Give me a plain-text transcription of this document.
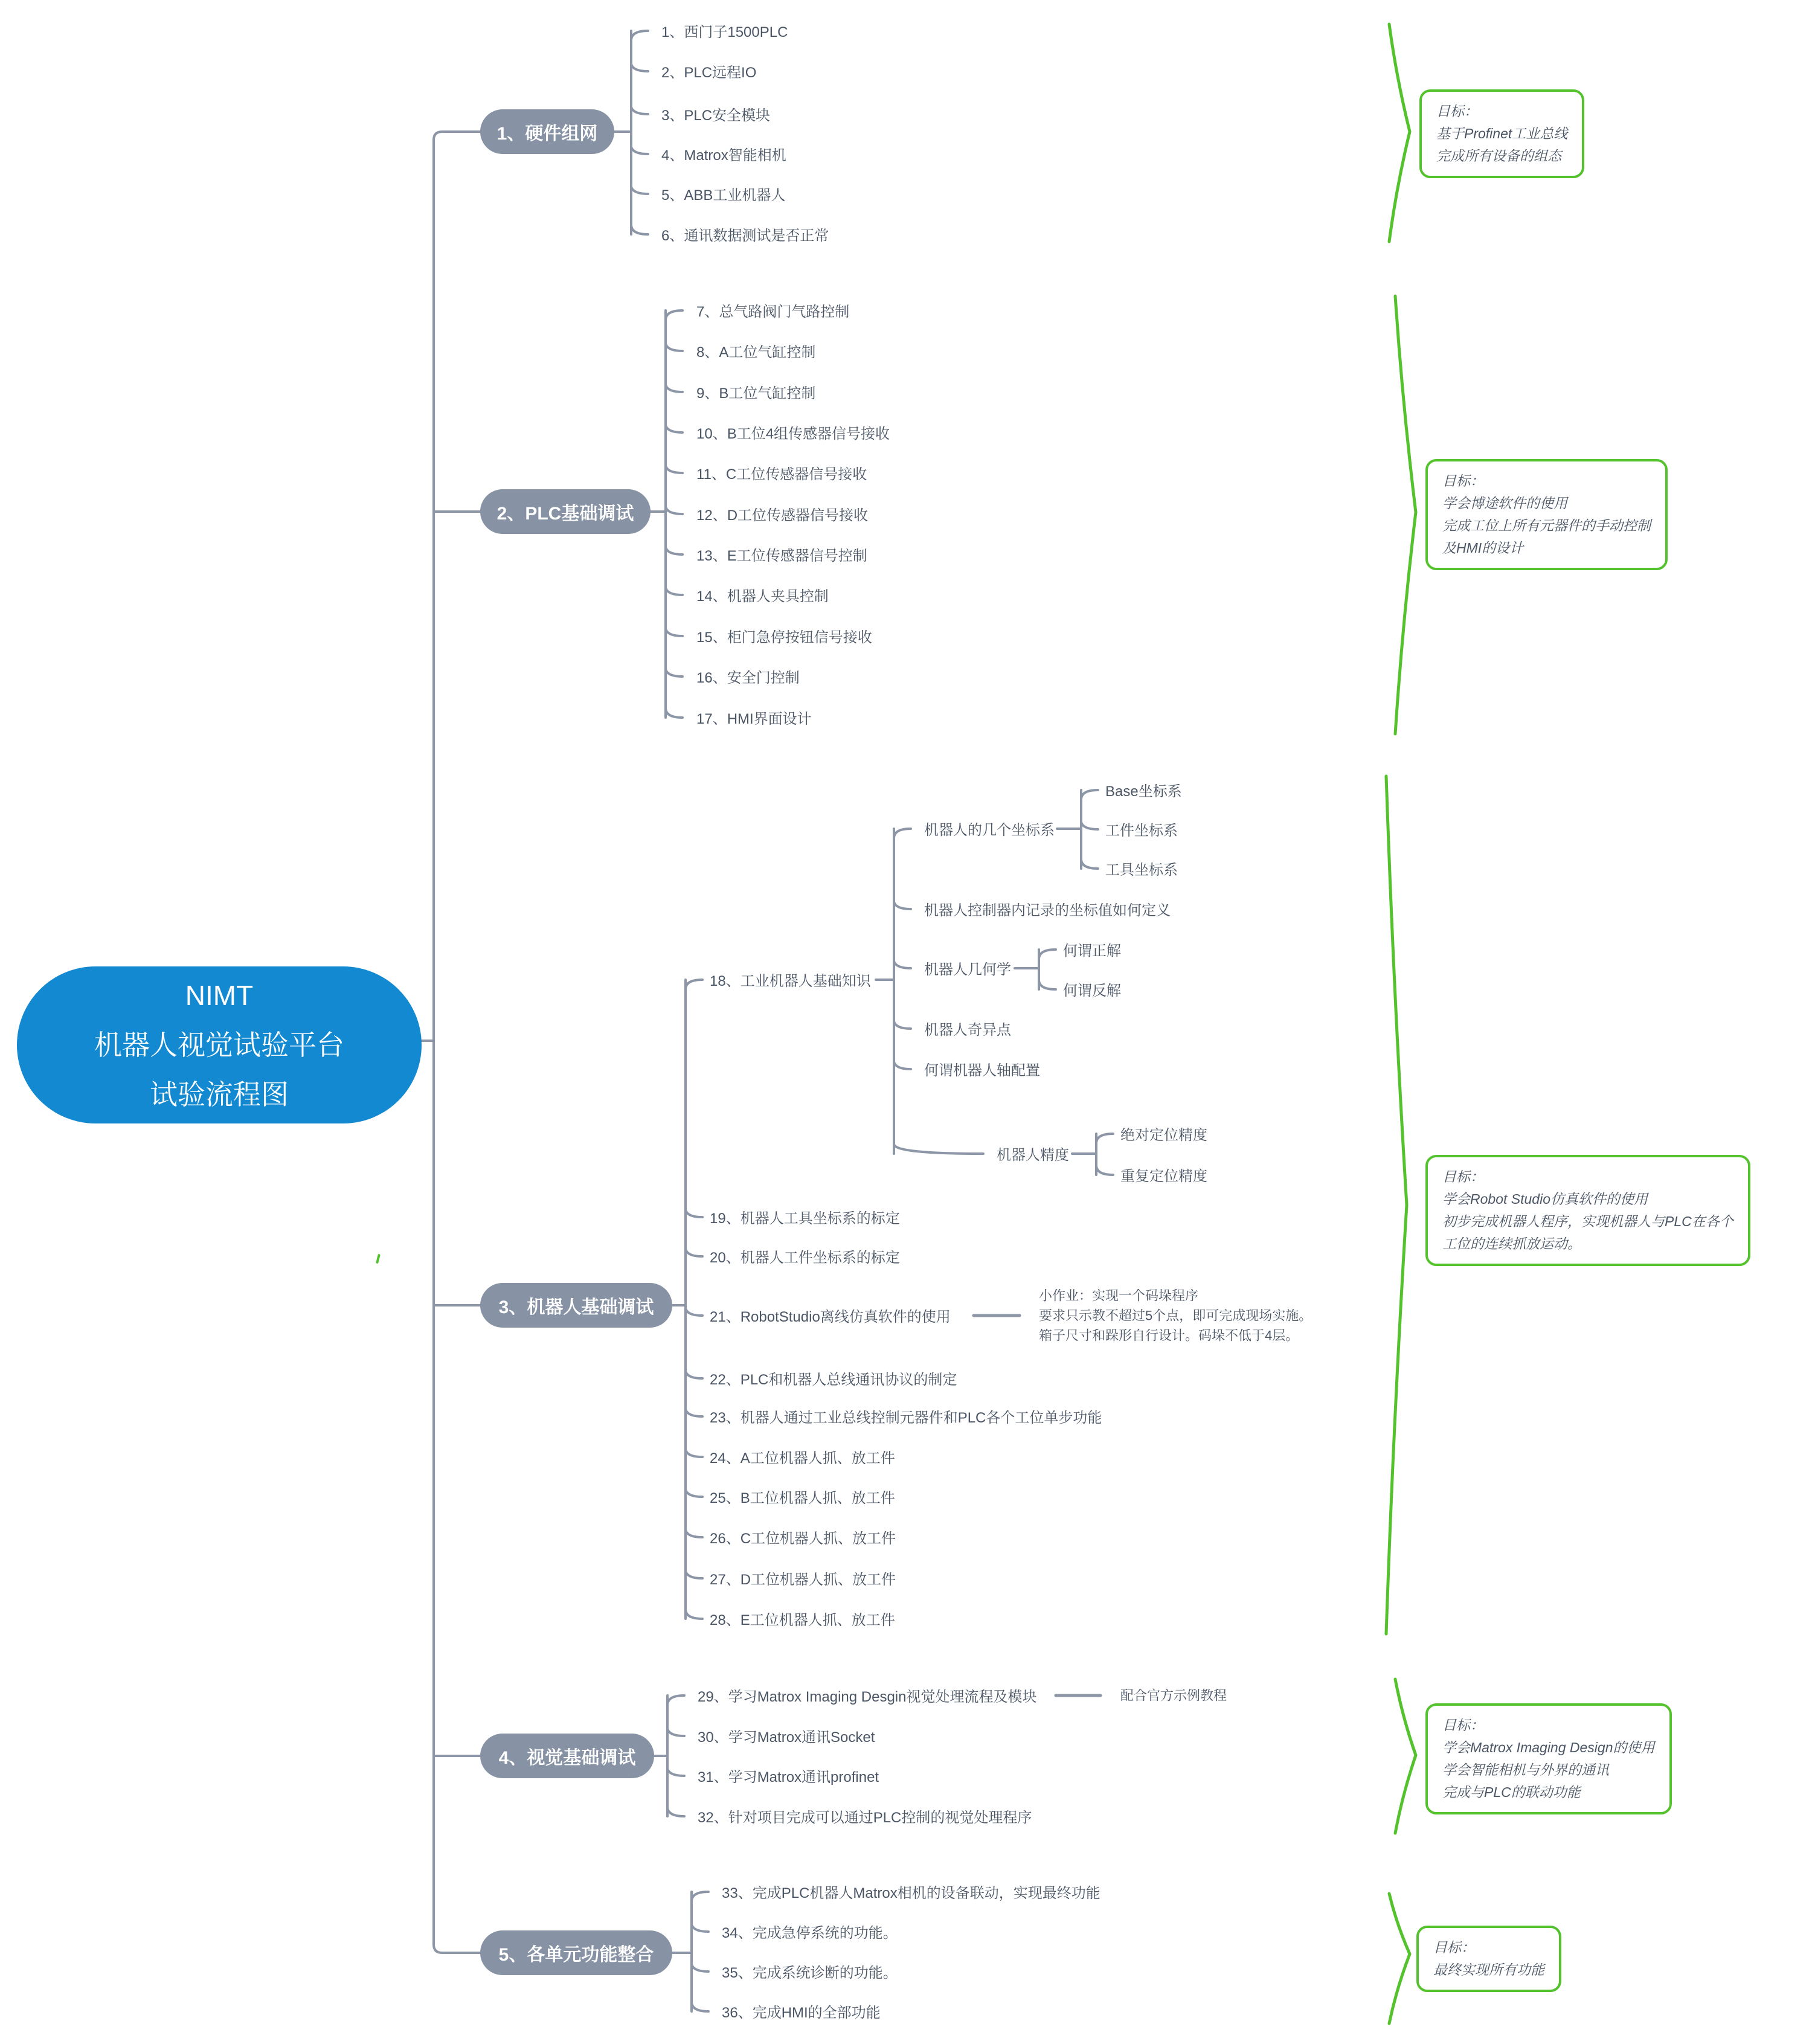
NIMT
机器人视觉试验平台
试验流程图
1、硬件组网
2、PLC基础调试
3、机器人基础调试
4、视觉基础调试
5、各单元功能整合
1、西门子1500PLC
2、PLC远程IO
3、PLC安全模块
4、Matrox智能相机
5、ABB工业机器人
6、通讯数据测试是否正常
7、总气路阀门气路控制
8、A工位气缸控制
9、B工位气缸控制
10、B工位4组传感器信号接收
11、C工位传感器信号接收
12、D工位传感器信号接收
13、E工位传感器信号控制
14、机器人夹具控制
15、柜门急停按钮信号接收
16、安全门控制
17、HMI界面设计
18、工业机器人基础知识
19、机器人工具坐标系的标定
20、机器人工件坐标系的标定
21、RobotStudio离线仿真软件的使用
22、PLC和机器人总线通讯协议的制定
23、机器人通过工业总线控制元器件和PLC各个工位单步功能
24、A工位机器人抓、放工件
25、B工位机器人抓、放工件
26、C工位机器人抓、放工件
27、D工位机器人抓、放工件
28、E工位机器人抓、放工件
机器人的几个坐标系
Base坐标系
工件坐标系
工具坐标系
机器人控制器内记录的坐标值如何定义
机器人几何学
何谓正解
何谓反解
机器人奇异点
何谓机器人轴配置
机器人精度
绝对定位精度
重复定位精度
小作业：实现一个码垛程序
要求只示教不超过5个点，即可完成现场实施。
箱子尺寸和跺形自行设计。码垛不低于4层。
29、学习Matrox Imaging Desgin视觉处理流程及模块
30、学习Matrox通讯Socket
31、学习Matrox通讯profinet
32、针对项目完成可以通过PLC控制的视觉处理程序
配合官方示例教程
33、完成PLC机器人Matrox相机的设备联动，实现最终功能
34、完成急停系统的功能。
35、完成系统诊断的功能。
36、完成HMI的全部功能
目标：
基于Profinet工业总线
完成所有设备的组态
目标：
学会博途软件的使用
完成工位上所有元器件的手动控制
及HMI的设计
目标：
学会Robot Studio仿真软件的使用
初步完成机器人程序，实现机器人与PLC在各个
工位的连续抓放运动。
目标：
学会Matrox Imaging Design的使用
学会智能相机与外界的通讯
完成与PLC的联动功能
目标：
最终实现所有功能
